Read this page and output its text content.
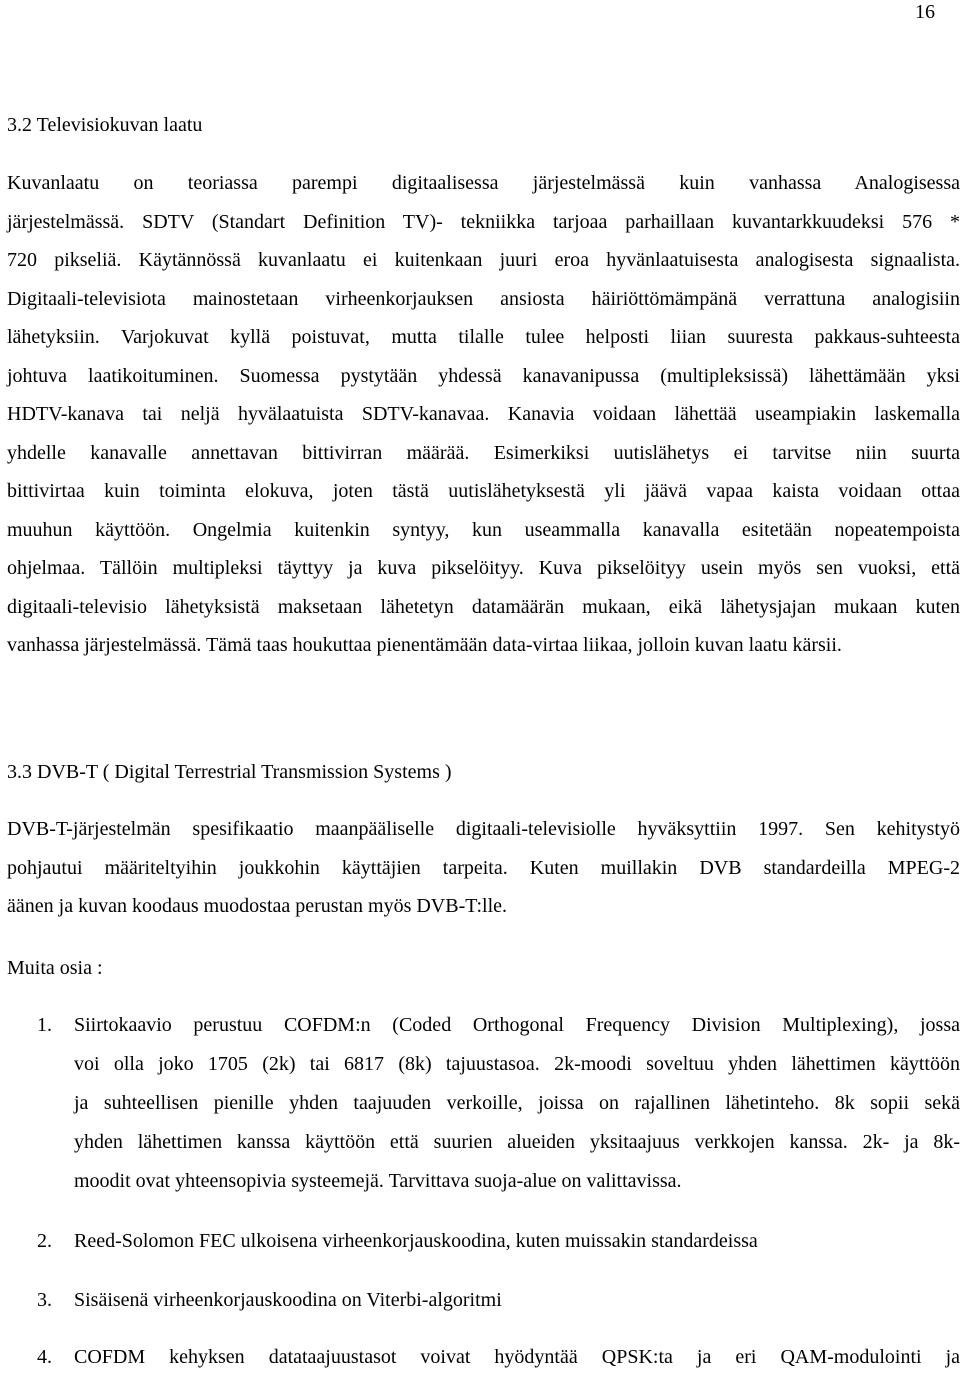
16
3.2 Televisiokuvan laatu
Kuvanlaatu on teoriassa parempi digitaalisessa järjestelmässä kuin vanhassa Analogisessa
järjestelmässä. SDTV (Standart Definition TV)- tekniikka tarjoaa parhaillaan kuvantarkkuudeksi 576 *
720 pikseliä. Käytännössä kuvanlaatu ei kuitenkaan juuri eroa hyvänlaatuisesta analogisesta signaalista.
Digitaali-televisiota mainostetaan virheenkorjauksen ansiosta häiriöttömämpänä verrattuna analogisiin
lähetyksiin. Varjokuvat kyllä poistuvat, mutta tilalle tulee helposti liian suuresta pakkaus-suhteesta
johtuva laatikoituminen. Suomessa pystytään yhdessä kanavanipussa (multipleksissä) lähettämään yksi
HDTV-kanava tai neljä hyvälaatuista SDTV-kanavaa. Kanavia voidaan lähettää useampiakin laskemalla
yhdelle kanavalle annettavan bittivirran määrää. Esimerkiksi uutislähetys ei tarvitse niin suurta
bittivirtaa kuin toiminta elokuva, joten tästä uutislähetyksestä yli jäävä vapaa kaista voidaan ottaa
muuhun käyttöön. Ongelmia kuitenkin syntyy, kun useammalla kanavalla esitetään nopeatempoista
ohjelmaa. Tällöin multipleksi täyttyy ja kuva pikselöityy. Kuva pikselöityy usein myös sen vuoksi, että
digitaali-televisio lähetyksistä maksetaan lähetetyn datamäärän mukaan, eikä lähetysjajan mukaan kuten
vanhassa järjestelmässä. Tämä taas houkuttaa pienentämään data-virtaa liikaa, jolloin kuvan laatu kärsii.
3.3 DVB-T ( Digital Terrestrial Transmission Systems )
DVB-T-järjestelmän spesifikaatio maanpääliselle digitaali-televisiolle hyväksyttiin 1997. Sen kehitystyö
pohjautui määriteltyihin joukkohin käyttäjien tarpeita. Kuten muillakin DVB standardeilla MPEG-2
äänen ja kuvan koodaus muodostaa perustan myös DVB-T:lle.
Muita osia :
1. Siirtokaavio perustuu COFDM:n (Coded Orthogonal Frequency Division Multiplexing), jossa
voi olla joko 1705 (2k) tai 6817 (8k) tajuustasoa. 2k-moodi soveltuu yhden lähettimen käyttöön
ja suhteellisen pienille yhden taajuuden verkoille, joissa on rajallinen lähetinteho. 8k sopii sekä
yhden lähettimen kanssa käyttöön että suurien alueiden yksitaajuus verkkojen kanssa. 2k- ja 8k-
moodit ovat yhteensopivia systeemejä. Tarvittava suoja-alue on valittavissa.
2. Reed-Solomon FEC ulkoisena virheenkorjauskoodina, kuten muissakin standardeissa
3. Sisäisenä virheenkorjauskoodina on Viterbi-algoritmi
4. COFDM kehyksen datataajuustasot voivat hyödyntää QPSK:ta ja eri QAM-modulointi ja
